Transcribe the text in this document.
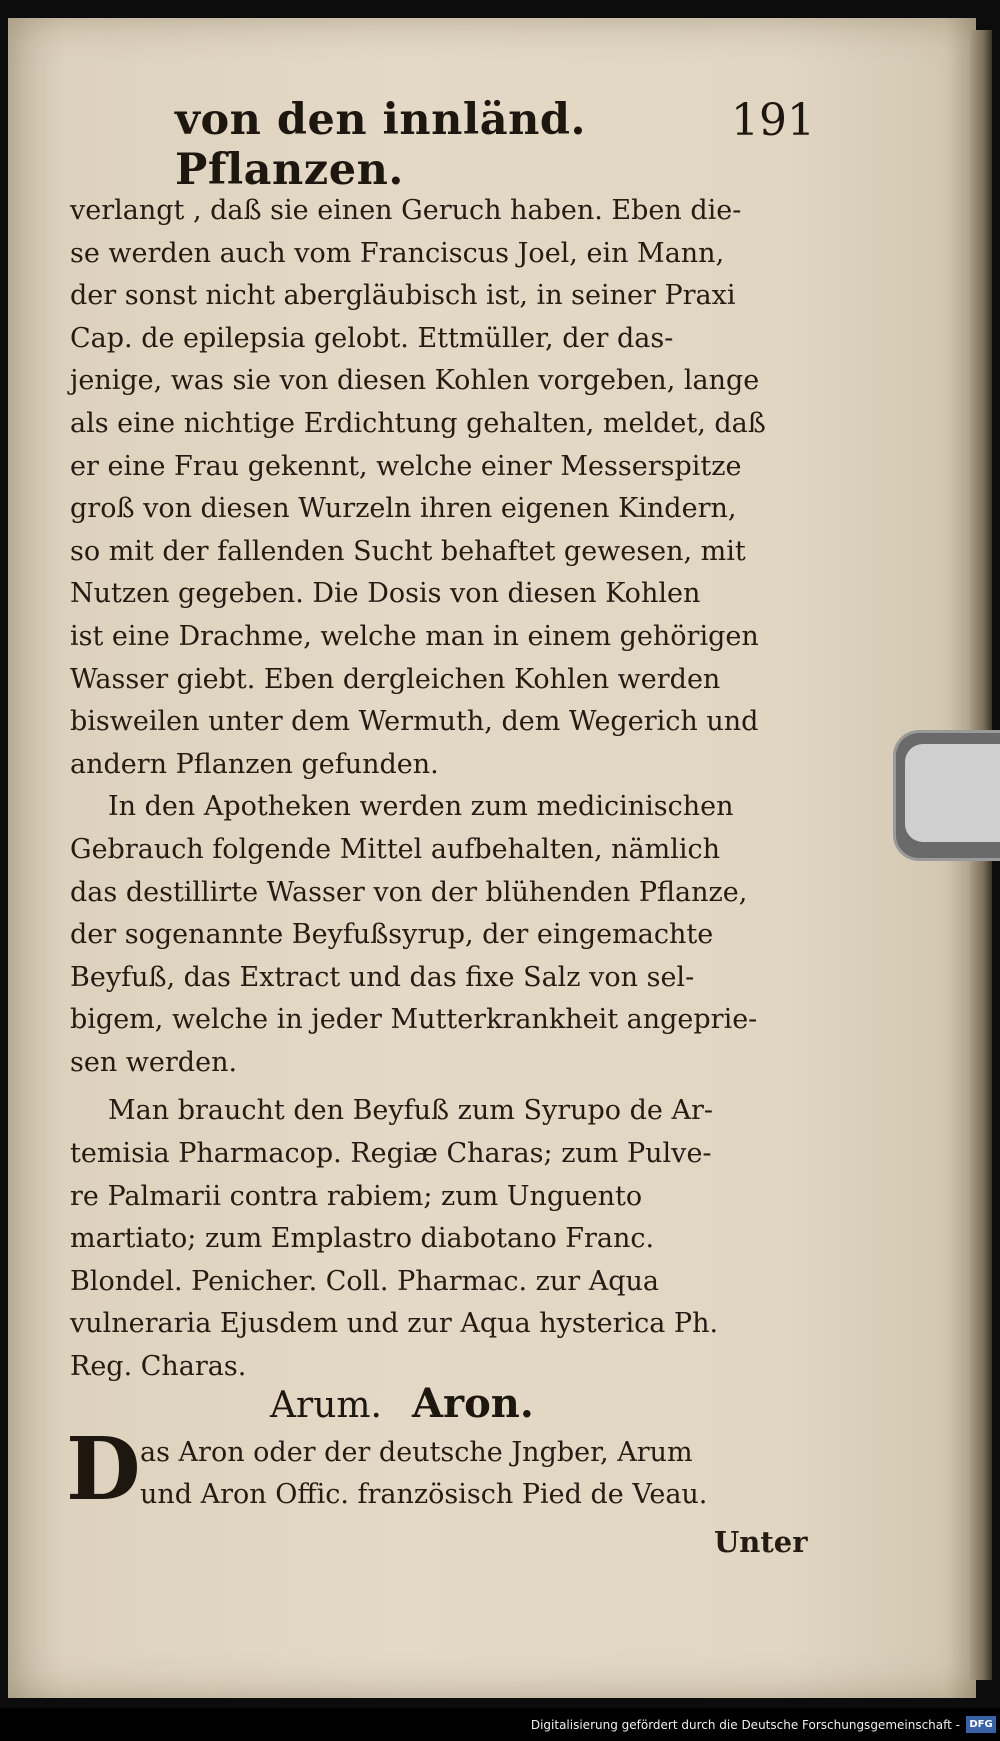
von den innländ. Pflanzen.
191
verlangt , daß sie einen Geruch haben. Eben die-
se werden auch vom Franciscus Joel, ein Mann,
der sonst nicht abergläubisch ist, in seiner Praxi
Cap. de epilepsia gelobt. Ettmüller, der das-
jenige, was sie von diesen Kohlen vorgeben, lange
als eine nichtige Erdichtung gehalten, meldet, daß
er eine Frau gekennt, welche einer Messerspitze
groß von diesen Wurzeln ihren eigenen Kindern,
so mit der fallenden Sucht behaftet gewesen, mit
Nutzen gegeben. Die Dosis von diesen Kohlen
ist eine Drachme, welche man in einem gehörigen
Wasser giebt. Eben dergleichen Kohlen werden
bisweilen unter dem Wermuth, dem Wegerich und
andern Pflanzen gefunden.
In den Apotheken werden zum medicinischen
Gebrauch folgende Mittel aufbehalten, nämlich
das destillirte Wasser von der blühenden Pflanze,
der sogenannte Beyfußsyrup, der eingemachte
Beyfuß, das Extract und das fixe Salz von sel-
bigem, welche in jeder Mutterkrankheit angeprie-
sen werden.
Man braucht den Beyfuß zum Syrupo de Ar-
temisia Pharmacop. Regiæ Charas; zum Pulve-
re Palmarii contra rabiem; zum Unguento
martiato; zum Emplastro diabotano Franc.
Blondel. Penicher. Coll. Pharmac. zur Aqua
vulneraria Ejusdem und zur Aqua hysterica Ph.
Reg. Charas.
Arum. Aron.
D as Aron oder der deutsche Jngber, Arum
und Aron Offic. französisch Pied de Veau.
Unter
Digitalisierung gefördert durch die Deutsche Forschungsgemeinschaft - DFG
